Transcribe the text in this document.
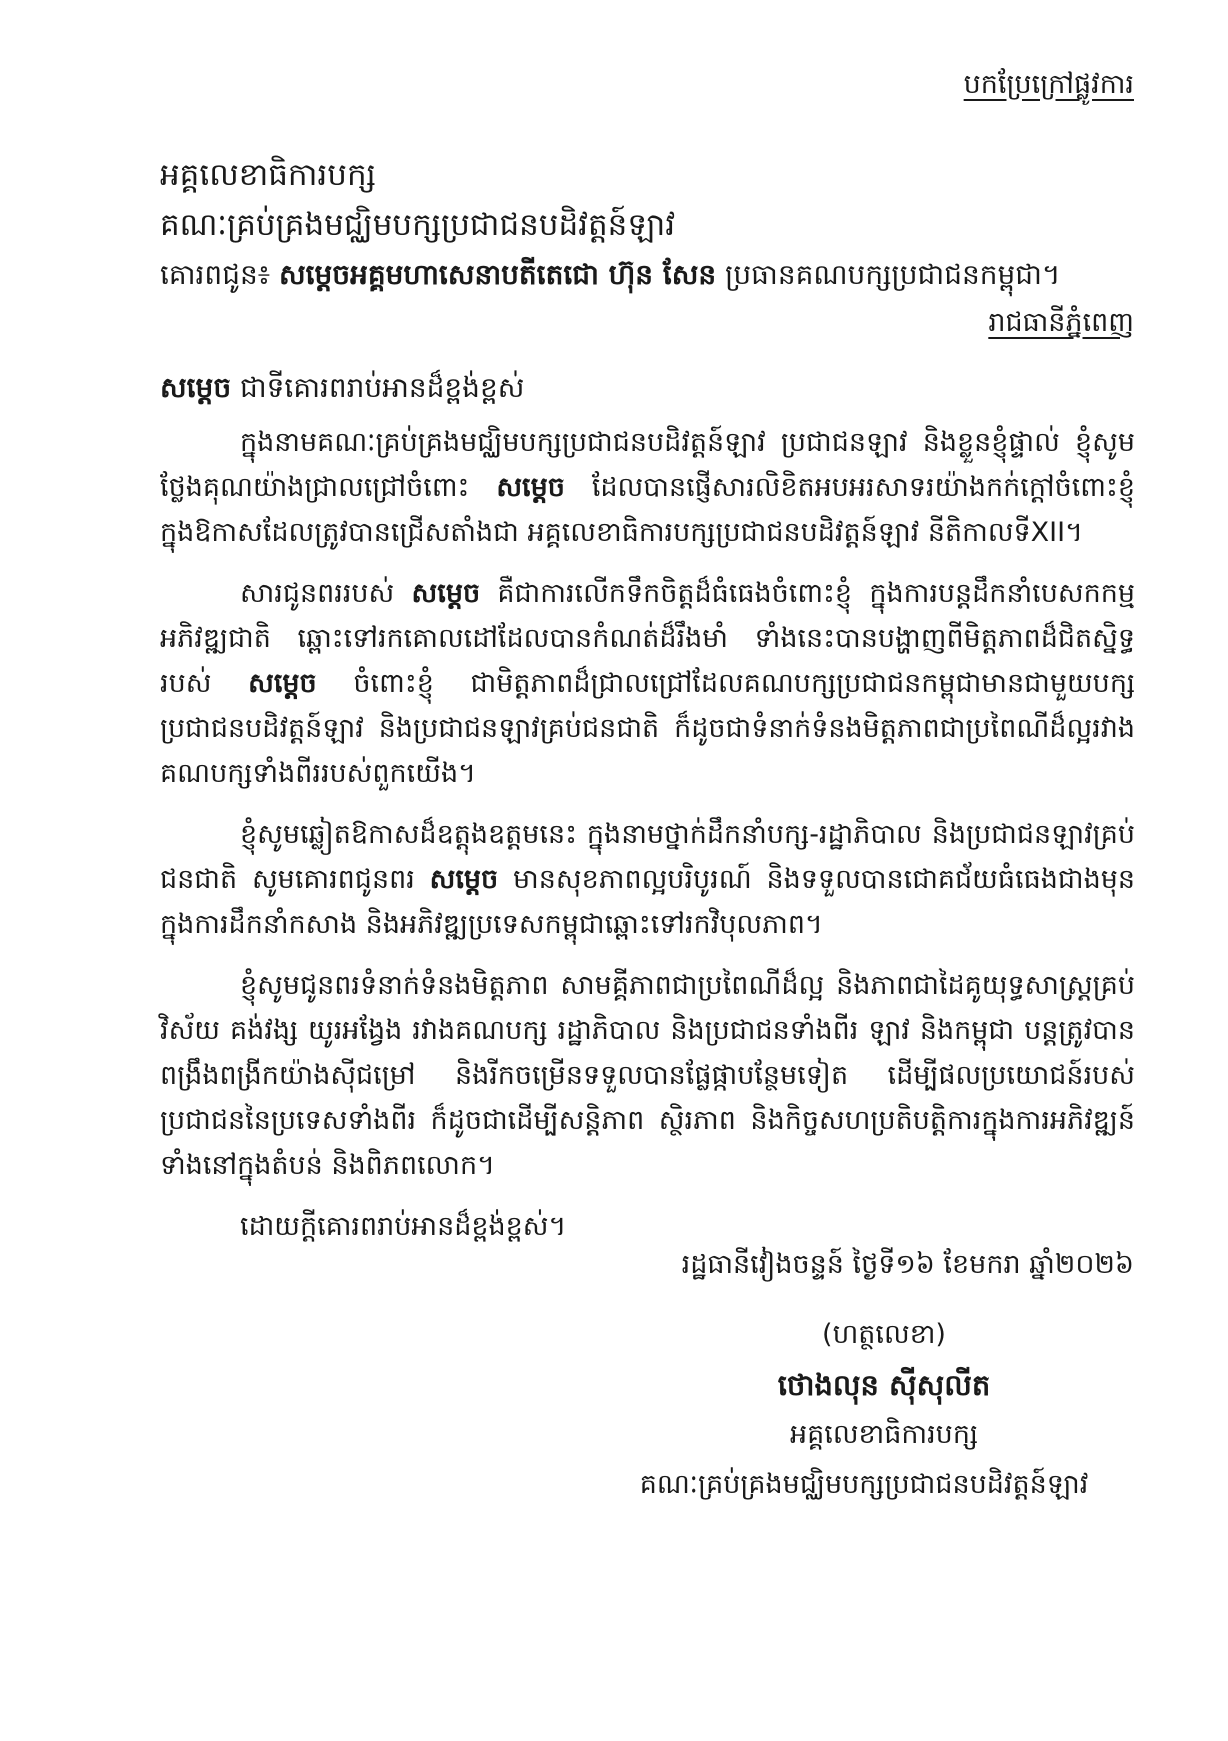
បកប្រែក្រៅផ្លូវការ
អគ្គលេខាធិការបក្ស
គណៈគ្រប់គ្រងមជ្ឈិមបក្សប្រជាជនបដិវត្តន៍ឡាវ
គោរពជូន៖ សម្តេចអគ្គមហាសេនាបតីតេជោ ហ៊ុន សែន ប្រធានគណបក្សប្រជាជនកម្ពុជា។
រាជធានីភ្នំពេញ
សម្តេច ជាទីគោរពរាប់អានដ៏ខ្ពង់ខ្ពស់

ក្នុងនាមគណៈគ្រប់គ្រងមជ្ឈិមបក្សប្រជាជនបដិវត្តន៍ឡាវ ប្រជាជនឡាវ និងខ្លួនខ្ញុំផ្ទាល់ ខ្ញុំសូមថ្លែងគុណយ៉ាងជ្រាលជ្រៅចំពោះ សម្តេច ដែលបានផ្ញើសារលិខិតអបអរសាទរយ៉ាងកក់ក្តៅចំពោះខ្ញុំ ក្នុងឱកាសដែលត្រូវបានជ្រើសតាំងជា អគ្គលេខាធិការបក្សប្រជាជនបដិវត្តន៍ឡាវ នីតិកាលទីXII។

សារជូនពររបស់ សម្តេច គឺជាការលើកទឹកចិត្តដ៏ធំធេងចំពោះខ្ញុំ ក្នុងការបន្តដឹកនាំបេសកកម្មអភិវឌ្ឍជាតិ ឆ្ពោះទៅរកគោលដៅដែលបានកំណត់ដ៏រឹងមាំ ទាំងនេះបានបង្ហាញពីមិត្តភាពដ៏ជិតស្និទ្ធរបស់ សម្តេច ចំពោះខ្ញុំ ជាមិត្តភាពដ៏ជ្រាលជ្រៅដែលគណបក្សប្រជាជនកម្ពុជាមានជាមួយបក្សប្រជាជនបដិវត្តន៍ឡាវ និងប្រជាជនឡាវគ្រប់ជនជាតិ ក៏ដូចជាទំនាក់ទំនងមិត្តភាពជាប្រពៃណីដ៏ល្អរវាងគណបក្សទាំងពីររបស់ពួកយើង។

ខ្ញុំសូមឆ្លៀតឱកាសដ៏ឧត្តុងឧត្តមនេះ ក្នុងនាមថ្នាក់ដឹកនាំបក្ស-រដ្ឋាភិបាល និងប្រជាជនឡាវគ្រប់ជនជាតិ សូមគោរពជូនពរ សម្តេច មានសុខភាពល្អបរិបូរណ៍ និងទទួលបានជោគជ័យធំធេងជាងមុនក្នុងការដឹកនាំកសាង និងអភិវឌ្ឍប្រទេសកម្ពុជាឆ្ពោះទៅរកវិបុលភាព។

ខ្ញុំសូមជូនពរទំនាក់ទំនងមិត្តភាព សាមគ្គីភាពជាប្រពៃណីដ៏ល្អ និងភាពជាដៃគូយុទ្ធសាស្ត្រគ្រប់វិស័យ គង់វង្ស យូរអង្វែង រវាងគណបក្ស រដ្ឋាភិបាល និងប្រជាជនទាំងពីរ ឡាវ និងកម្ពុជា បន្តត្រូវបានពង្រឹងពង្រីកយ៉ាងស៊ីជម្រៅ និងរីកចម្រើនទទួលបានផ្លែផ្កាបន្ថែមទៀត ដើម្បីផលប្រយោជន៍របស់ប្រជាជននៃប្រទេសទាំងពីរ ក៏ដូចជាដើម្បីសន្តិភាព ស្ថិរភាព និងកិច្ចសហប្រតិបត្តិការក្នុងការអភិវឌ្ឍន៍ទាំងនៅក្នុងតំបន់ និងពិភពលោក។

ដោយក្តីគោរពរាប់អានដ៏ខ្ពង់ខ្ពស់។
រដ្ឋធានីវៀងចន្ទន៍ ថ្ងៃទី១៦ ខែមករា ឆ្នាំ២០២៦
(ហត្ថលេខា)
ថោងលុន ស៊ីសុលីត
អគ្គលេខាធិការបក្ស
គណៈគ្រប់គ្រងមជ្ឈិមបក្សប្រជាជនបដិវត្តន៍ឡាវ
